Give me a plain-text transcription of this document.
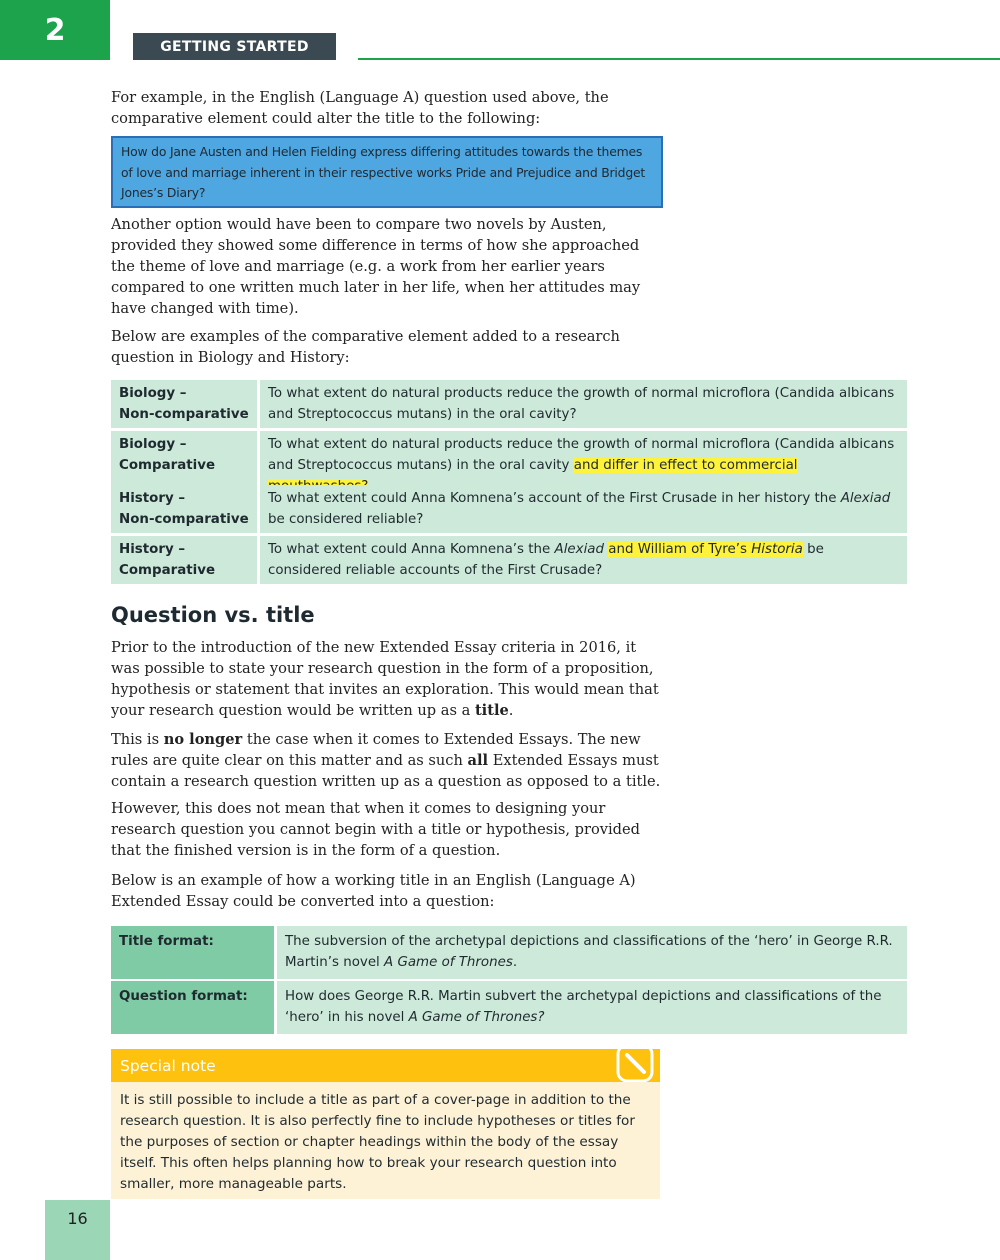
2	GETTING STARTED

For example, in the English (Language A) question used above, the comparative element could alter the title to the following:

How do Jane Austen and Helen Fielding express differing attitudes towards the themes of love and marriage inherent in their respective works Pride and Prejudice and Bridget Jones’s Diary?

Another option would have been to compare two novels by Austen, provided they showed some difference in terms of how she approached the theme of love and marriage (e.g. a work from her earlier years compared to one written much later in her life, when her attitudes may have changed with time).

Below are examples of the comparative element added to a research question in Biology and History:

Biology –
Non-comparative	To what extent do natural products reduce the growth of normal microflora (Candida albicans and Streptococcus mutans) in the oral cavity?
Biology –
Comparative	To what extent do natural products reduce the growth of normal microflora (Candida albicans and Streptococcus mutans) in the oral cavity and differ in effect to commercial
History –
Non-comparative	To what extent could Anna Komnena’s account of the First Crusade in her history the Alexiad be considered reliable?
History –
Comparative	To what extent could Anna Komnena’s the Alexiad and William of Tyre’s Historia be considered reliable accounts of the First Crusade?
Question vs. title

Prior to the introduction of the new Extended Essay criteria in 2016, it was possible to state your research question in the form of a proposition, hypothesis or statement that invites an exploration. This would mean that your research question would be written up as a title.

This is no longer the case when it comes to Extended Essays. The new rules are quite clear on this matter and as such all Extended Essays must contain a research question written up as a question as opposed to a title.

However, this does not mean that when it comes to designing your research question you cannot begin with a title or hypothesis, provided that the finished version is in the form of a question.

Below is an example of how a working title in an English (Language A) Extended Essay could be converted into a question:

Title format:	The subversion of the archetypal depictions and classifications of the ‘hero’ in George R.R. Martin’s novel A Game of Thrones.
Question format:	How does George R.R. Martin subvert the archetypal depictions and classifications of the ‘hero’ in his novel A Game of Thrones?
Special note
It is still possible to include a title as part of a cover-page in addition to the research question. It is also perfectly fine to include hypotheses or titles for the purposes of section or chapter headings within the body of the essay itself. This often helps planning how to break your research question into smaller, more manageable parts.
16
